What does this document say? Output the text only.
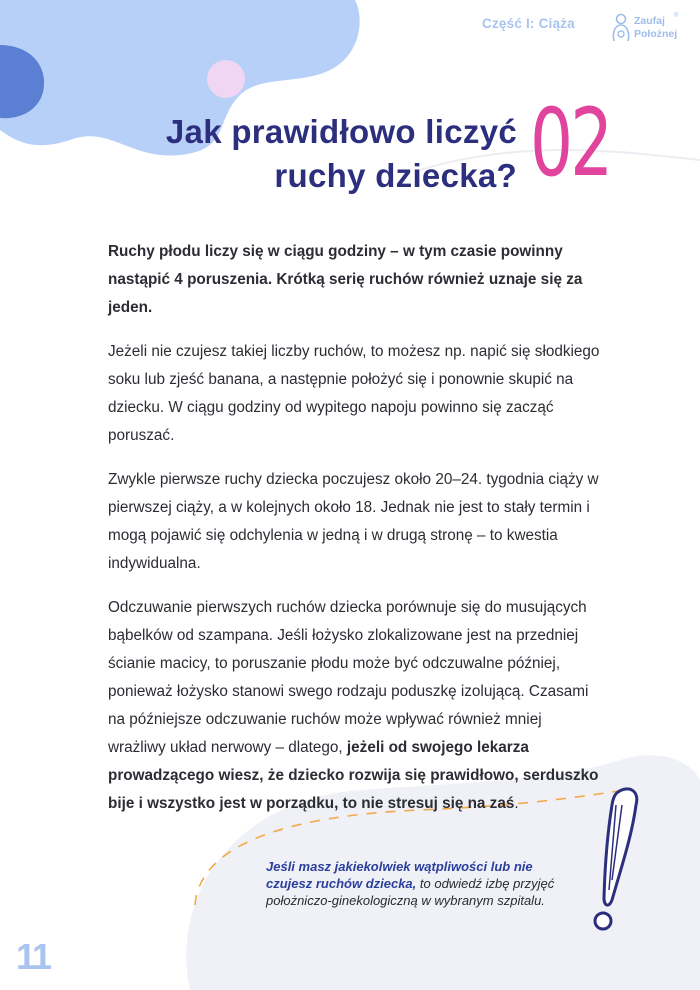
Część I: Ciąża	Zaufaj
Położnej
®
Jak prawidłowo liczyć
ruchy dziecka? 02

Ruchy płodu liczy się w ciągu godziny – w tym czasie powinny nastąpić 4 poruszenia. Krótką serię ruchów również uznaje się za jeden.

Jeżeli nie czujesz takiej liczby ruchów, to możesz np. napić się słodkiego soku lub zjeść banana, a następnie położyć się i ponownie skupić na dziecku. W ciągu godziny od wypitego napoju powinno się zacząć poruszać.

Zwykle pierwsze ruchy dziecka poczujesz około 20–24. tygodnia ciąży w pierwszej ciąży, a w kolejnych około 18. Jednak nie jest to stały termin i mogą pojawić się odchylenia w jedną i w drugą stronę – to kwestia indywidualna.

Odczuwanie pierwszych ruchów dziecka porównuje się do musujących bąbelków od szampana. Jeśli łożysko zlokalizowane jest na przedniej ścianie macicy, to poruszanie płodu może być odczuwalne później, ponieważ łożysko stanowi swego rodzaju poduszkę izolującą. Czasami na późniejsze odczuwanie ruchów może wpływać również mniej wrażliwy układ nerwowy – dlatego, jeżeli od swojego lekarza prowadzącego wiesz, że dziecko rozwija się prawidłowo, serduszko bije i wszystko jest w porządku, to nie stresuj się na zaś.

Jeśli masz jakiekolwiek wątpliwości lub nie czujesz ruchów dziecka, to odwiedź izbę przyjęć położniczo-ginekologiczną w wybranym szpitalu.
11
